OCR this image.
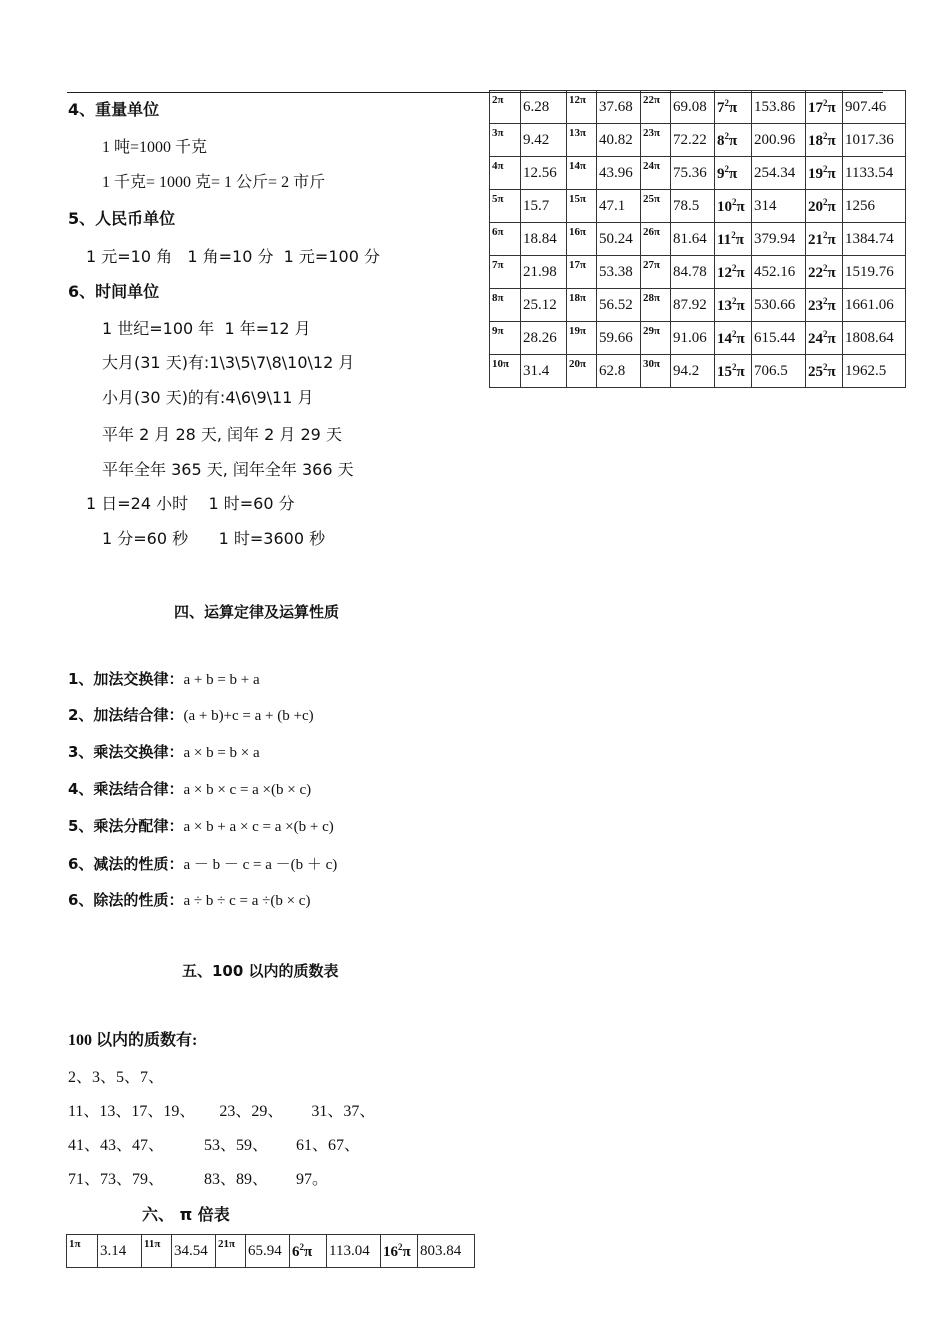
4、重量单位
1 吨=1000 千克
1 千克= 1000 克= 1 公斤= 2 市斤
5、人民币单位
1 元=10 角   1 角=10 分  1 元=100 分
6、时间单位
1 世纪=100 年  1 年=12 月
大月(31 天)有:1\3\5\7\8\10\12 月
小月(30 天)的有:4\6\9\11 月
平年 2 月 28 天, 闰年 2 月 29 天
平年全年 365 天, 闰年全年 366 天
1 日=24 小时    1 时=60 分
1 分=60 秒      1 时=3600 秒
四、运算定律及运算性质
1、加法交换律：a + b = b + a
2、加法结合律：(a + b)+c = a + (b +c)
3、乘法交换律：a × b = b × a
4、乘法结合律：a × b × c = a ×(b × c)
5、乘法分配律：a × b + a × c = a ×(b + c)
6、减法的性质：a － b － c = a －(b ＋ c)
6、除法的性质：a ÷ b ÷ c = a ÷(b × c)
五、100 以内的质数表
100 以内的质数有:
2、3、5、7、
11、13、17、19、      23、29、       31、37、
41、43、47、          53、59、       61、67、
71、73、79、          83、89、       97。
六、 π 倍表
1π	3.14	11π	34.54	21π	65.94	$6^2\pi$	113.04	$16^2\pi$	803.84
2π	6.28	12π	37.68	22π	69.08	$7^2\pi$	153.86	$17^2\pi$	907.46
3π	9.42	13π	40.82	23π	72.22	$8^2\pi$	200.96	$18^2\pi$	1017.36
4π	12.56	14π	43.96	24π	75.36	$9^2\pi$	254.34	$19^2\pi$	1133.54
5π	15.7	15π	47.1	25π	78.5	$10^2\pi$	314	$20^2\pi$	1256
6π	18.84	16π	50.24	26π	81.64	$11^2\pi$	379.94	$21^2\pi$	1384.74
7π	21.98	17π	53.38	27π	84.78	$12^2\pi$	452.16	$22^2\pi$	1519.76
8π	25.12	18π	56.52	28π	87.92	$13^2\pi$	530.66	$23^2\pi$	1661.06
9π	28.26	19π	59.66	29π	91.06	$14^2\pi$	615.44	$24^2\pi$	1808.64
10π	31.4	20π	62.8	30π	94.2	$15^2\pi$	706.5	$25^2\pi$	1962.5
